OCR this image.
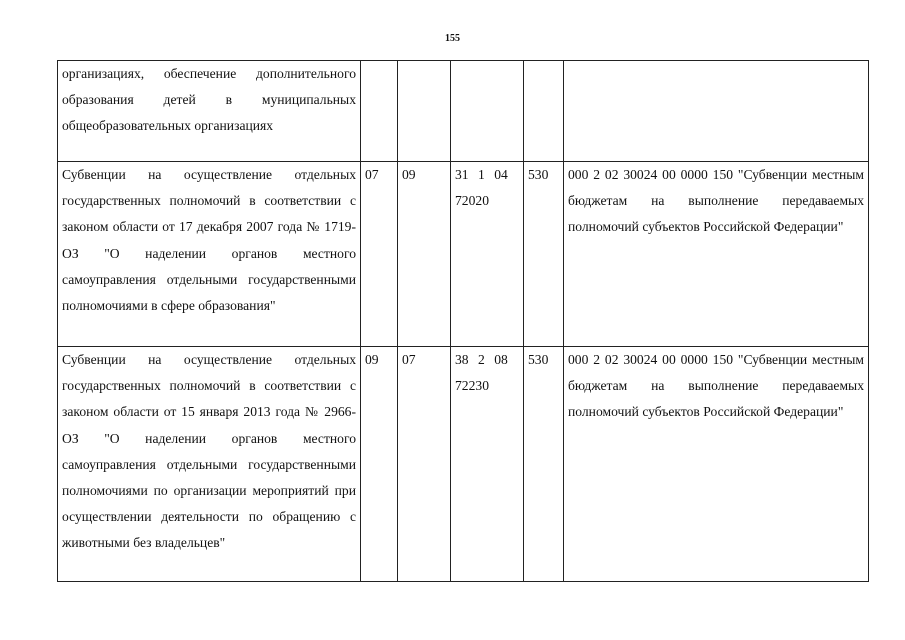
155
организациях, обеспечение дополнительного образования детей в муниципальных общеобразовательных организациях					
Субвенции на осуществление отдельных государственных полномочий в соответствии с законом области от 17 декабря 2007 года № 1719-ОЗ "О наделении органов местного самоуправления отдельными государственными полномочиями в сфере образования"	07	09	31 1 04 72020	530	000 2 02 30024 00 0000 150 "Субвенции местным бюджетам на выполнение передаваемых полномочий субъектов Российской Федерации"
Субвенции на осуществление отдельных государственных полномочий в соответствии с законом области от 15 января 2013 года № 2966-ОЗ "О наделении органов местного самоуправления отдельными государственными полномочиями по организации мероприятий при осуществлении деятельности по обращению с животными без владельцев"	09	07	38 2 08 72230	530	000 2 02 30024 00 0000 150 "Субвенции местным бюджетам на выполнение передаваемых полномочий субъектов Российской Федерации"
